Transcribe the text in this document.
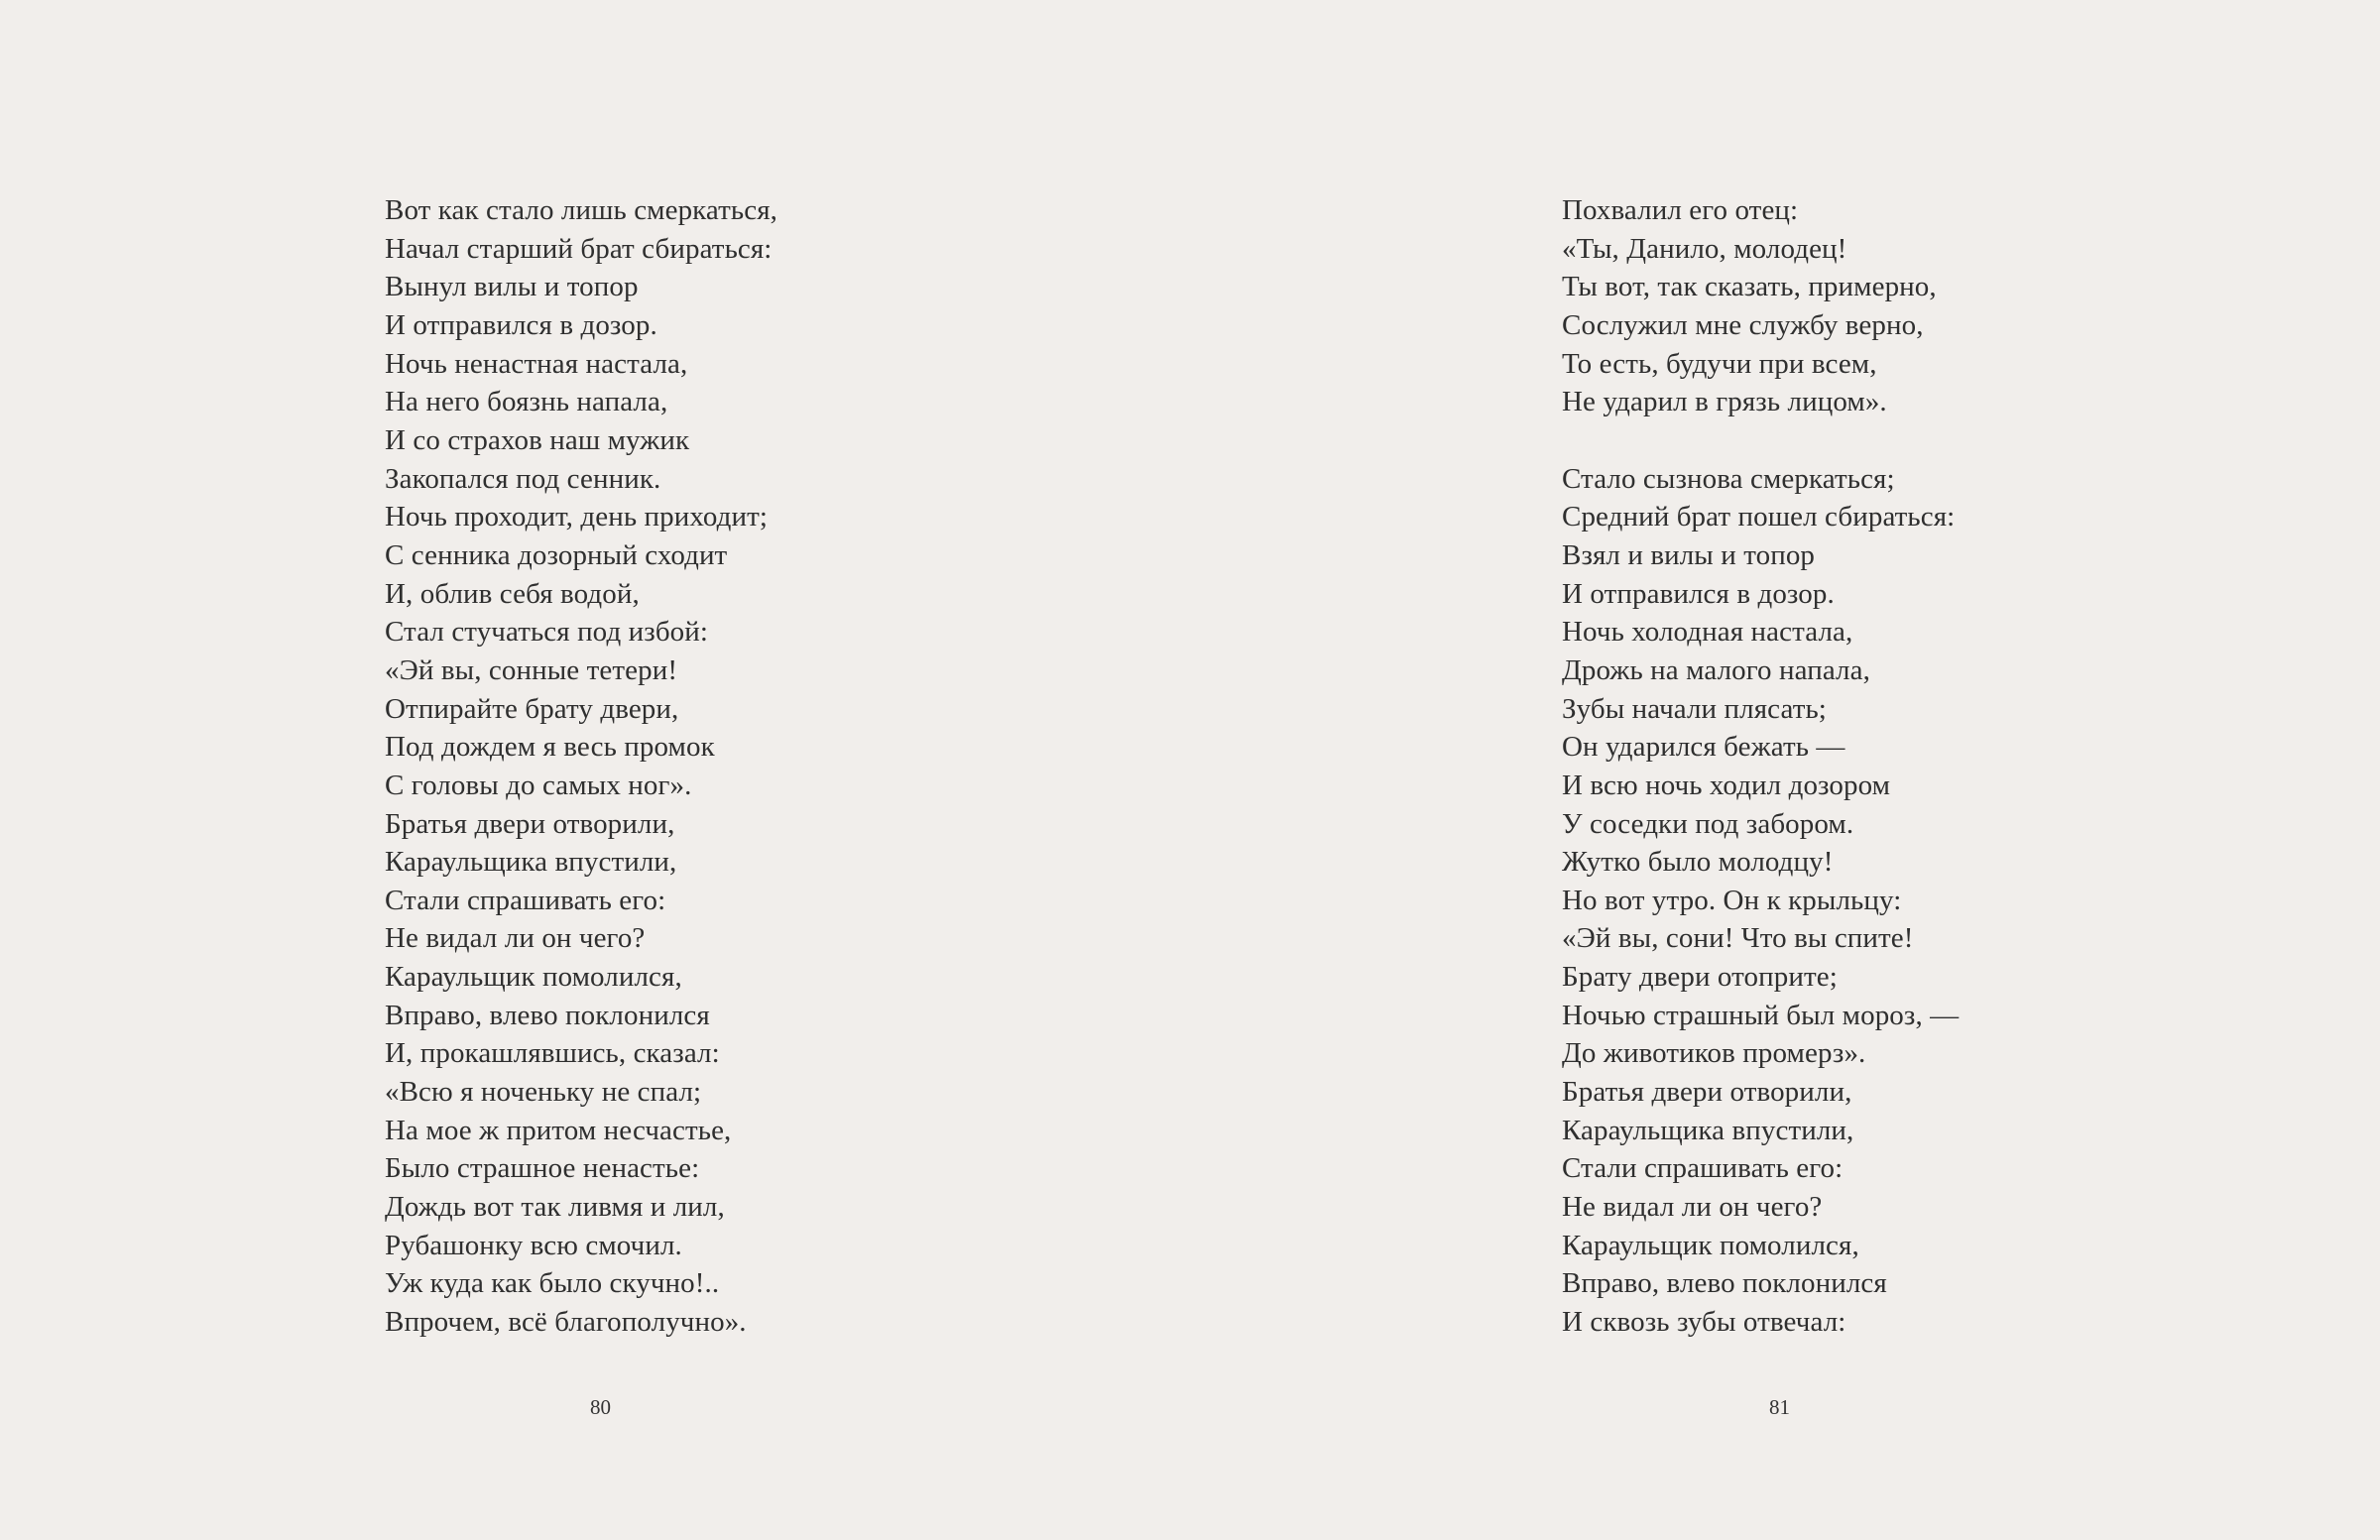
Вот как стало лишь смеркаться,
Начал старший брат сбираться:
Вынул вилы и топор
И отправился в дозор.
Ночь ненастная настала,
На него боязнь напала,
И со страхов наш мужик
Закопался под сенник.
Ночь проходит, день приходит;
С сенника дозорный сходит
И, облив себя водой,
Стал стучаться под избой:
«Эй вы, сонные тетери!
Отпирайте брату двери,
Под дождем я весь промок
С головы до самых ног».
Братья двери отворили,
Караульщика впустили,
Стали спрашивать его:
Не видал ли он чего?
Караульщик помолился,
Вправо, влево поклонился
И, прокашлявшись, сказал:
«Всю я ноченьку не спал;
На мое ж притом несчастье,
Было страшное ненастье:
Дождь вот так ливмя и лил,
Рубашонку всю смочил.
Уж куда как было скучно!..
Впрочем, всё благополучно».
80
Похвалил его отец:
«Ты, Данило, молодец!
Ты вот, так сказать, примерно,
Сослужил мне службу верно,
То есть, будучи при всем,
Не ударил в грязь лицом».
Стало сызнова смеркаться;
Средний брат пошел сбираться:
Взял и вилы и топор
И отправился в дозор.
Ночь холодная настала,
Дрожь на малого напала,
Зубы начали плясать;
Он ударился бежать —
И всю ночь ходил дозором
У соседки под забором.
Жутко было молодцу!
Но вот утро. Он к крыльцу:
«Эй вы, сони! Что вы спите!
Брату двери отоприте;
Ночью страшный был мороз, —
До животиков промерз».
Братья двери отворили,
Караульщика впустили,
Стали спрашивать его:
Не видал ли он чего?
Караульщик помолился,
Вправо, влево поклонился
И сквозь зубы отвечал:
81
